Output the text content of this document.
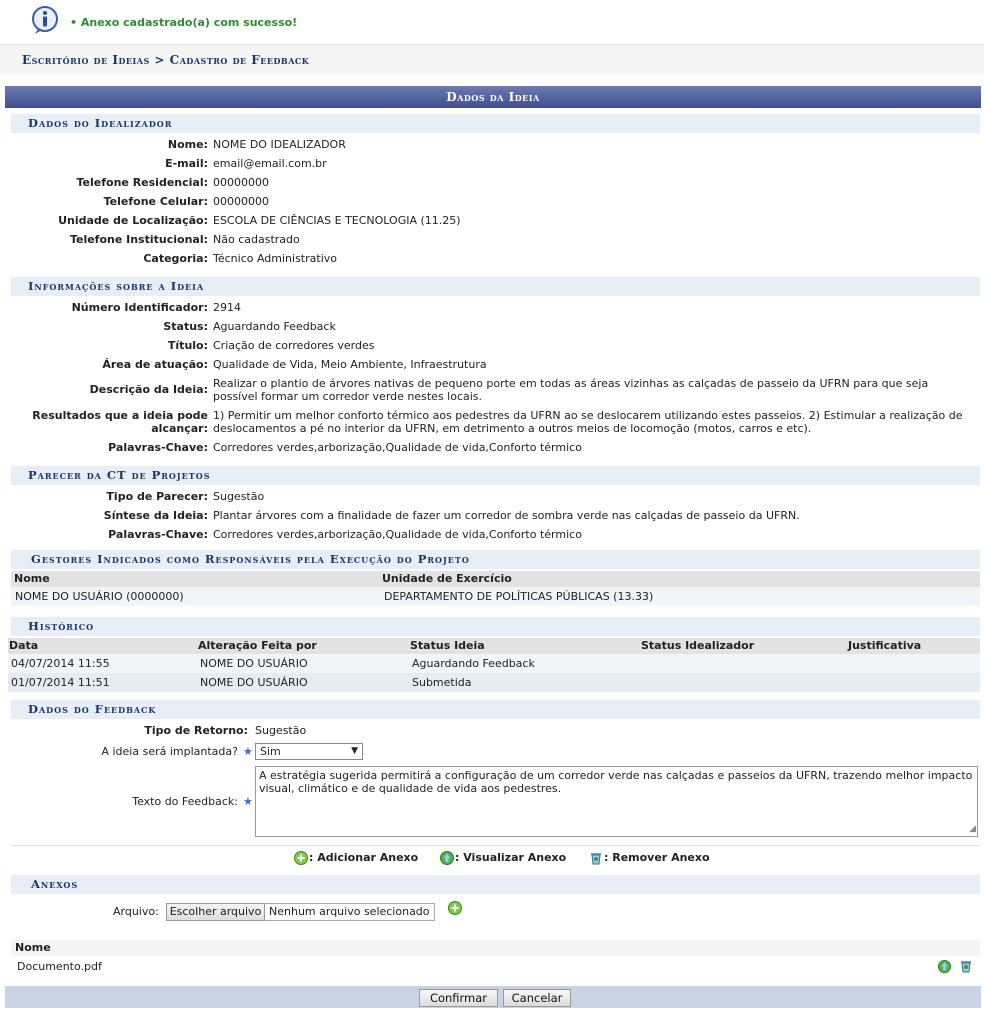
• Anexo cadastrado(a) com sucesso!
Escritório de Ideias > Cadastro de Feedback
Dados da Ideia
Dados do Idealizador
Nome: NOME DO IDEALIZADOR
E-mail: email@email.com.br
Telefone Residencial: 00000000
Telefone Celular: 00000000
Unidade de Localização: ESCOLA DE CIÊNCIAS E TECNOLOGIA (11.25)
Telefone Institucional: Não cadastrado
Categoria: Técnico Administrativo
Informações sobre a Ideia
Número Identificador: 2914
Status: Aguardando Feedback
Título: Criação de corredores verdes
Área de atuação: Qualidade de Vida, Meio Ambiente, Infraestrutura
Descrição da Ideia: Realizar o plantio de árvores nativas de pequeno porte em todas as áreas vizinhas as calçadas de passeio da UFRN para que seja possível formar um corredor verde nestes locais.
Resultados que a ideia pode alcançar:
1) Permitir um melhor conforto térmico aos pedestres da UFRN ao se deslocarem utilizando estes passeios. 2) Estimular a realização de deslocamentos a pé no interior da UFRN, em detrimento a outros meios de locomoção (motos, carros e etc).
Palavras-Chave: Corredores verdes,arborização,Qualidade de vida,Conforto térmico
Parecer da CT de Projetos
Tipo de Parecer: Sugestão
Síntese da Ideia: Plantar árvores com a finalidade de fazer um corredor de sombra verde nas calçadas de passeio da UFRN.
Palavras-Chave: Corredores verdes,arborização,Qualidade de vida,Conforto térmico
Gestores Indicados como Responsáveis pela Execução do Projeto
Nome	Unidade de Exercício
NOME DO USUÁRIO (0000000)	DEPARTAMENTO DE POLÍTICAS PÚBLICAS (13.33)
Histórico
Data	Alteração Feita por	Status Ideia	Status Idealizador	Justificativa
04/07/2014 11:55	NOME DO USUÁRIO	Aguardando Feedback
01/07/2014 11:51	NOME DO USUÁRIO	Submetida
Dados do Feedback
Tipo de Retorno: Sugestão
A ideia será implantada? ★ Sim	▼
Texto do Feedback: ★
A estratégia sugerida permitirá a configuração de um corredor verde nas calçadas e passeios da UFRN, trazendo melhor impacto visual, climático e de qualidade de vida aos pedestres.
◢
: Adicionar Anexo	: Visualizar Anexo	: Remover Anexo
Anexos
Arquivo: Escolher arquivo Nenhum arquivo selecionado
Nome
Documento.pdf
Confirmar	Cancelar
